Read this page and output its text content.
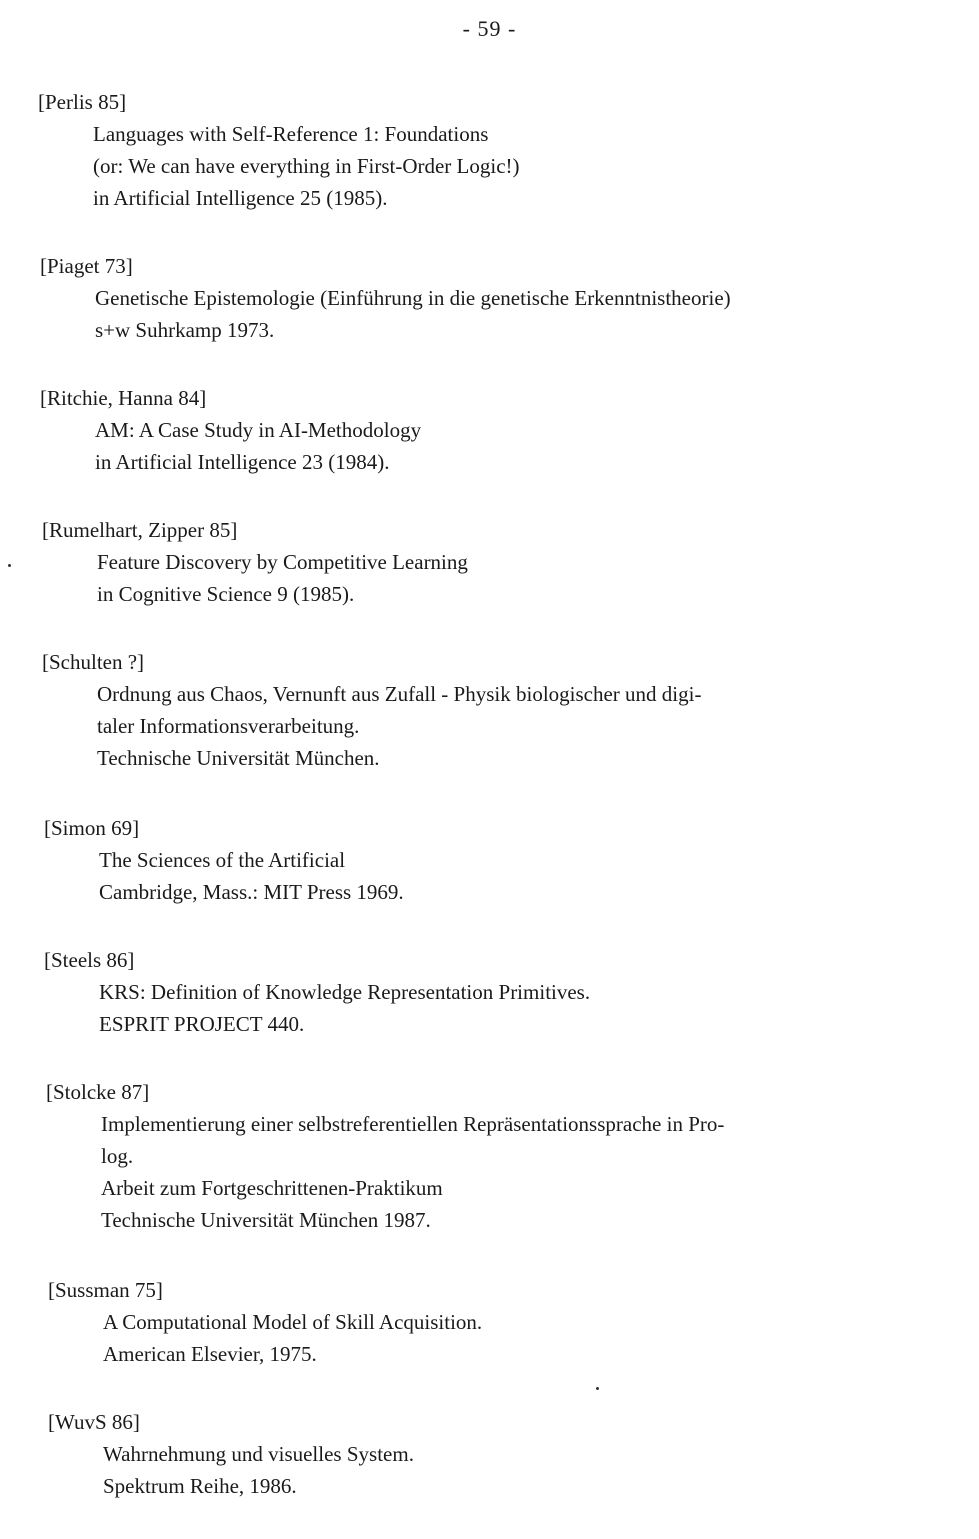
- 59 -
[Perlis 85]
Languages with Self-Reference 1: Foundations
(or: We can have everything in First-Order Logic!)
in Artificial Intelligence 25 (1985).
[Piaget 73]
Genetische Epistemologie (Einführung in die genetische Erkenntnistheorie)
s+w Suhrkamp 1973.
[Ritchie, Hanna 84]
AM: A Case Study in AI-Methodology
in Artificial Intelligence 23 (1984).
[Rumelhart, Zipper 85]
Feature Discovery by Competitive Learning
in Cognitive Science 9 (1985).
[Schulten ?]
Ordnung aus Chaos, Vernunft aus Zufall - Physik biologischer und digi-
taler Informationsverarbeitung.
Technische Universität München.
[Simon 69]
The Sciences of the Artificial
Cambridge, Mass.: MIT Press 1969.
[Steels 86]
KRS: Definition of Knowledge Representation Primitives.
ESPRIT PROJECT 440.
[Stolcke 87]
Implementierung einer selbstreferentiellen Repräsentationssprache in Pro-
log.
Arbeit zum Fortgeschrittenen-Praktikum
Technische Universität München 1987.
[Sussman 75]
A Computational Model of Skill Acquisition.
American Elsevier, 1975.
[WuvS 86]
Wahrnehmung und visuelles System.
Spektrum Reihe, 1986.
